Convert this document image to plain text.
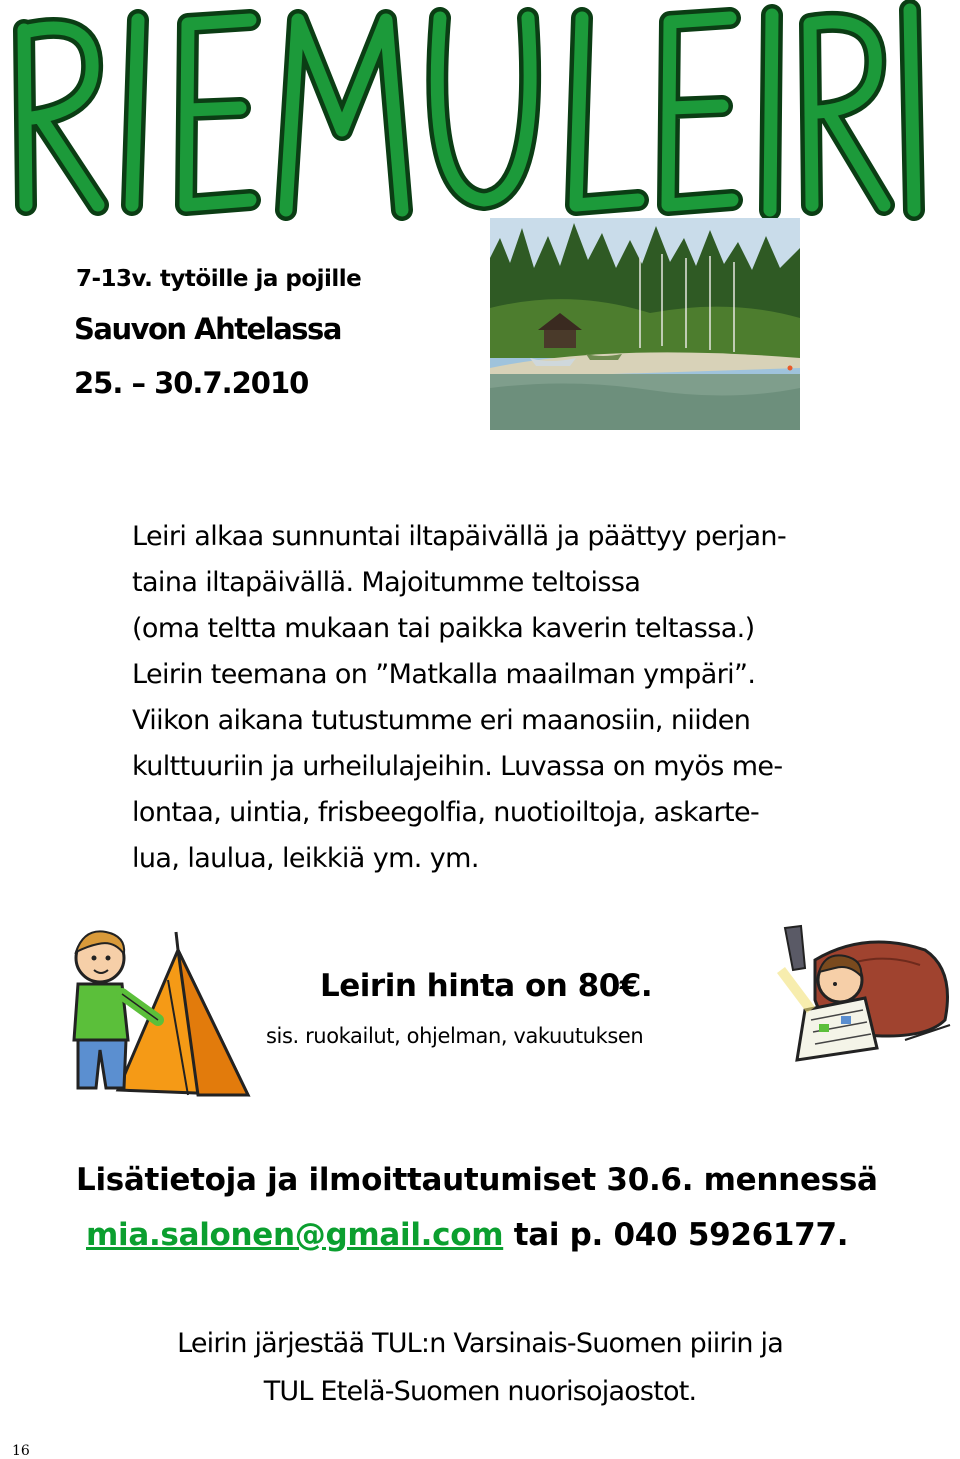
7-13v. tytöille ja pojille

Sauvon Ahtelassa

25. – 30.7.2010

Leiri alkaa sunnuntai iltapäivällä ja päättyy perjan-
taina iltapäivällä. Majoitumme teltoissa
(oma teltta mukaan tai paikka kaverin teltassa.)
Leirin teemana on ”Matkalla maailman ympäri”.
Viikon aikana tutustumme eri maanosiin, niiden
kulttuuriin ja urheilulajeihin. Luvassa on myös me-
lontaa, uintia, frisbeegolfia, nuotioiltoja, askarte-
lua, laulua, leikkiä ym. ym.

Leirin hinta on 80€.

sis. ruokailut, ohjelman, vakuutuksen

Lisätietoja ja ilmoittautumiset 30.6. mennessä

mia.salonen@gmail.com tai p. 040 5926177.

Leirin järjestää TUL:n Varsinais-Suomen piirin ja
TUL Etelä-Suomen nuorisojaostot.

16
